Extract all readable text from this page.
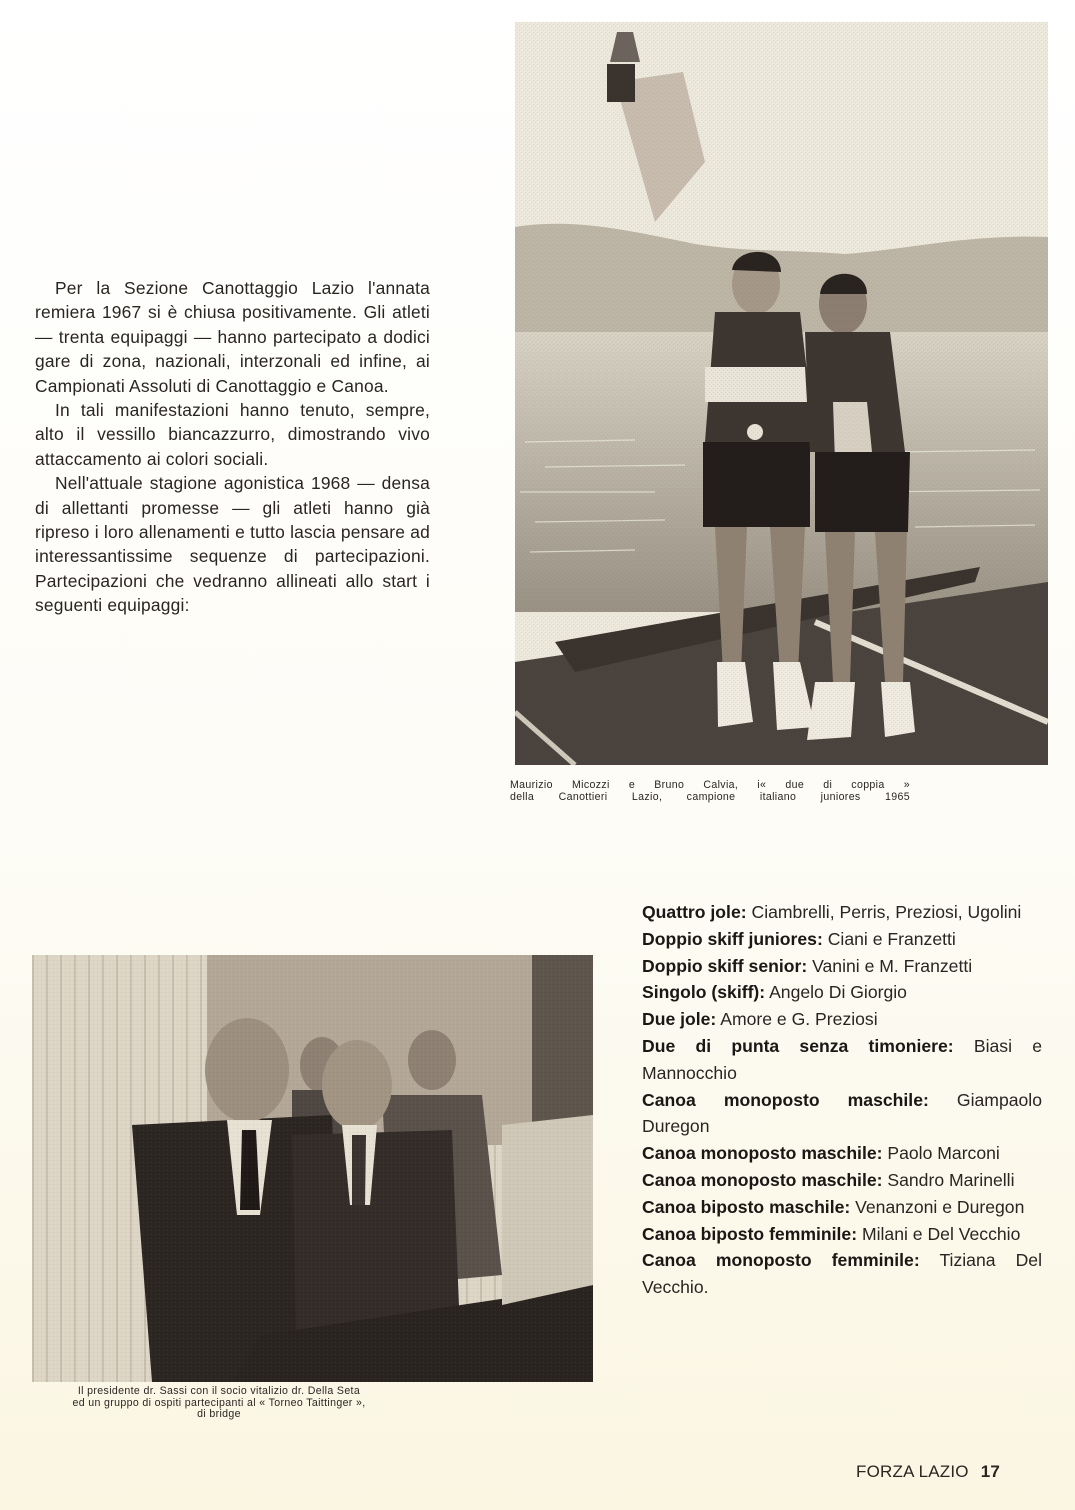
Per la Sezione Canottaggio Lazio l'annata remiera 1967 si è chiusa positivamente. Gli atleti — trenta equipaggi — hanno partecipato a dodici gare di zona, nazionali, interzonali ed infine, ai Campionati Assoluti di Canottaggio e Canoa.

In tali manifestazioni hanno tenuto, sempre, alto il vessillo biancazzurro, dimostrando vivo attaccamento ai colori sociali.

Nell'attuale stagione agonistica 1968 — densa di allettanti promesse — gli atleti hanno già ripreso i loro allenamenti e tutto lascia pensare ad interessantissime sequenze di partecipazioni. Partecipazioni che vedranno allineati allo start i seguenti equipaggi:

Maurizio Micozzi e Bruno Calvia, i« due di coppia »
della Canottieri Lazio, campione italiano juniores 1965
Il presidente dr. Sassi con il socio vitalizio dr. Della Seta
ed un gruppo di ospiti partecipanti al « Torneo Taittinger »,
di bridge

Quattro jole: Ciambrelli, Perris, Preziosi, Ugolini

Doppio skiff juniores: Ciani e Franzetti

Doppio skiff senior: Vanini e M. Franzetti

Singolo (skiff): Angelo Di Giorgio

Due jole: Amore e G. Preziosi

Due di punta senza timoniere: Biasi e Mannocchio

Canoa monoposto maschile: Giampaolo Duregon

Canoa monoposto maschile: Paolo Marconi

Canoa monoposto maschile: Sandro Marinelli

Canoa biposto maschile: Venanzoni e Duregon

Canoa biposto femminile: Milani e Del Vecchio

Canoa monoposto femminile: Tiziana Del Vecchio.

FORZA LAZIO 17
